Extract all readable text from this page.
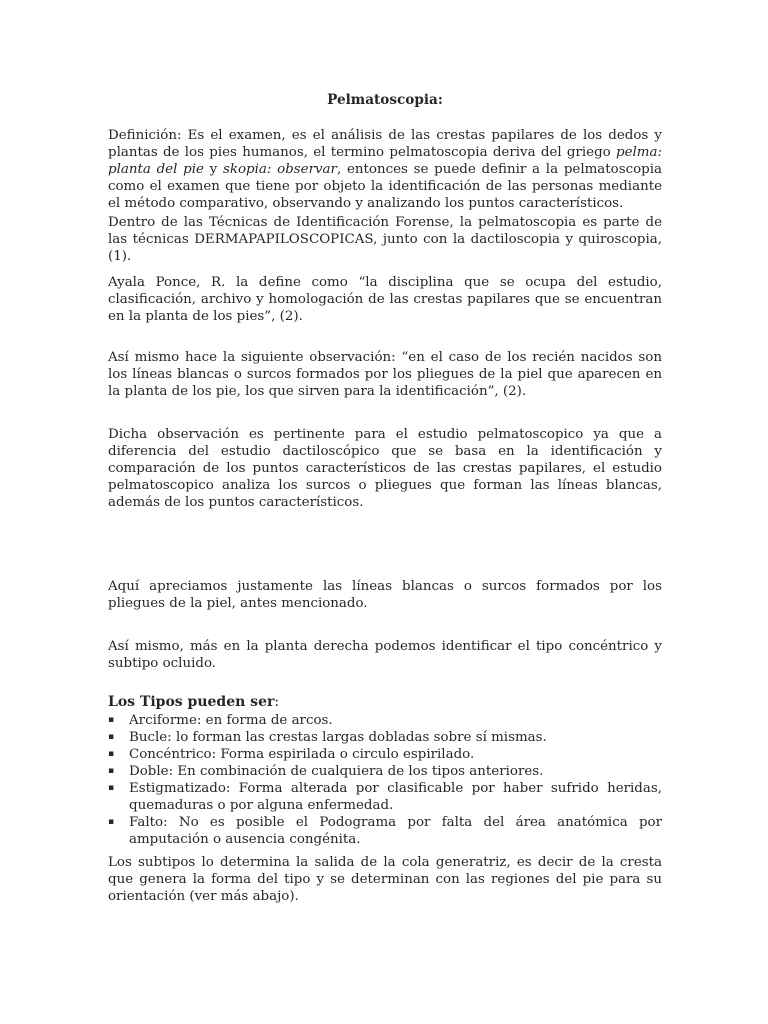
Pelmatoscopia:

Definición: Es el examen, es el análisis de las crestas papilares de los dedos y plantas de los pies humanos, el termino pelmatoscopia deriva del griego pelma: planta del pie y skopia: observar, entonces se puede definir a la pelmatoscopia como el examen que tiene por objeto la identificación de las personas mediante el método comparativo, observando y analizando los puntos característicos.

Dentro de las Técnicas de Identificación Forense, la pelmatoscopia es parte de las técnicas DERMAPAPILOSCOPICAS, junto con la dactiloscopia y quiroscopia, (1).

Ayala Ponce, R. la define como “la disciplina que se ocupa del estudio, clasificación, archivo y homologación de las crestas papilares que se encuentran en la planta de los pies”, (2).

Así mismo hace la siguiente observación: “en el caso de los recién nacidos son los líneas blancas o surcos formados por los pliegues de la piel que aparecen en la planta de los pie, los que sirven para la identificación”, (2).

Dicha observación es pertinente para el estudio pelmatoscopico ya que a diferencia del estudio dactiloscópico que se basa en la identificación y comparación de los puntos característicos de las crestas papilares, el estudio pelmatoscopico analiza los surcos o pliegues que forman las líneas blancas, además de los puntos característicos.

Aquí apreciamos justamente las líneas blancas o surcos formados por los pliegues de la piel, antes mencionado.

Así mismo, más en la planta derecha podemos identificar el tipo concéntrico y subtipo ocluido.

Los Tipos pueden ser:
▪ Arciforme: en forma de arcos.
▪ Bucle: lo forman las crestas largas dobladas sobre sí mismas.
▪ Concéntrico: Forma espirilada o circulo espirilado.
▪ Doble: En combinación de cualquiera de los tipos anteriores.
▪ Estigmatizado: Forma alterada por clasificable por haber sufrido heridas, quemaduras o por alguna enfermedad.
▪ Falto: No es posible el Podograma por falta del área anatómica por amputación o ausencia congénita.

Los subtipos lo determina la salida de la cola generatriz, es decir de la cresta que genera la forma del tipo y se determinan con las regiones del pie para su orientación (ver más abajo).
